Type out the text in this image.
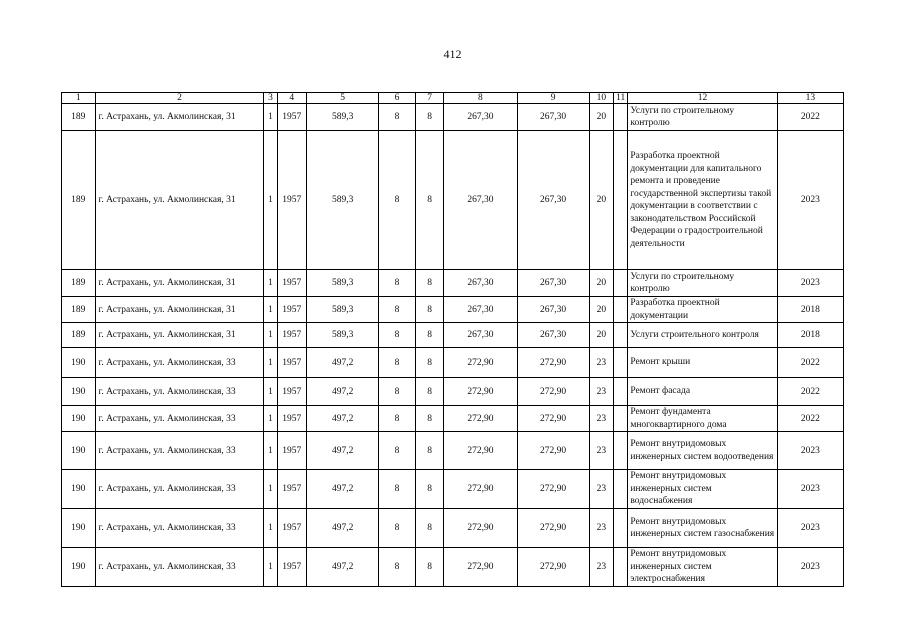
412
1	2	3	4	5	6	7	8	9	10	11	12	13
189	г. Астрахань, ул. Акмолинская, 31	1	1957	589,3	8	8	267,30	267,30	20		Услуги по строительному контролю	2022
189	г. Астрахань, ул. Акмолинская, 31	1	1957	589,3	8	8	267,30	267,30	20		Разработка проектной документации для капитального ремонта и проведение государственной экспертизы такой документации в соответствии с законодательством Российской Федерации о градостроительной деятельности	2023
189	г. Астрахань, ул. Акмолинская, 31	1	1957	589,3	8	8	267,30	267,30	20		Услуги по строительному контролю	2023
189	г. Астрахань, ул. Акмолинская, 31	1	1957	589,3	8	8	267,30	267,30	20		Разработка проектной документации	2018
189	г. Астрахань, ул. Акмолинская, 31	1	1957	589,3	8	8	267,30	267,30	20		Услуги строительного контроля	2018
190	г. Астрахань, ул. Акмолинская, 33	1	1957	497,2	8	8	272,90	272,90	23		Ремонт крыши	2022
190	г. Астрахань, ул. Акмолинская, 33	1	1957	497,2	8	8	272,90	272,90	23		Ремонт фасада	2022
190	г. Астрахань, ул. Акмолинская, 33	1	1957	497,2	8	8	272,90	272,90	23		Ремонт фундамента многоквартирного дома	2022
190	г. Астрахань, ул. Акмолинская, 33	1	1957	497,2	8	8	272,90	272,90	23		Ремонт внутридомовых инженерных систем водоотведения	2023
190	г. Астрахань, ул. Акмолинская, 33	1	1957	497,2	8	8	272,90	272,90	23		Ремонт внутридомовых инженерных систем водоснабжения	2023
190	г. Астрахань, ул. Акмолинская, 33	1	1957	497,2	8	8	272,90	272,90	23		Ремонт внутридомовых инженерных систем газоснабжения	2023
190	г. Астрахань, ул. Акмолинская, 33	1	1957	497,2	8	8	272,90	272,90	23		Ремонт внутридомовых инженерных систем электроснабжения	2023
